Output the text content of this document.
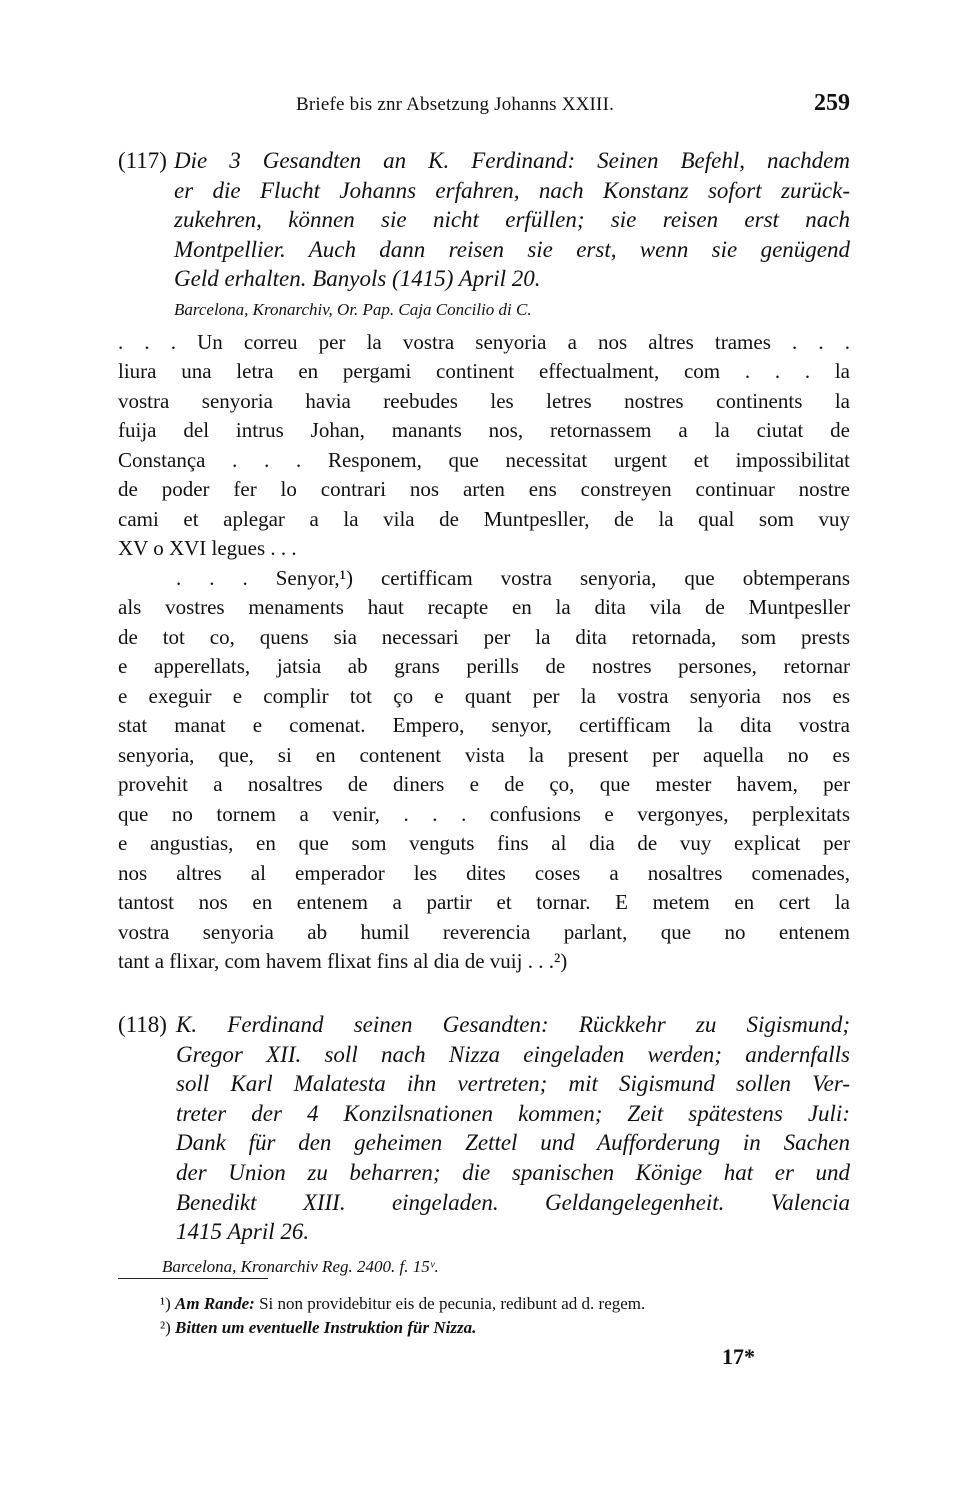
Briefe bis znr Absetzung Johanns XXIII.	259
(117) Die 3 Gesandten an K. Ferdinand: Seinen Befehl, nachdem
er die Flucht Johanns erfahren, nach Konstanz sofort zurück-
zukehren, können sie nicht erfüllen; sie reisen erst nach
Montpellier. Auch dann reisen sie erst, wenn sie genügend
Geld erhalten. Banyols (1415) April 20.
Barcelona, Kronarchiv, Or. Pap. Caja Concilio di C.
. . . Un correu per la vostra senyoria a nos altres trames . . .
liura una letra en pergami continent effectualment, com . . . la
vostra senyoria havia reebudes les letres nostres continents la
fuija del intrus Johan, manants nos, retornassem a la ciutat de
Constança . . . Responem, que necessitat urgent et impossibilitat
de poder fer lo contrari nos arten ens constreyen continuar nostre
cami et aplegar a la vila de Muntpesller, de la qual som vuy
XV o XVI legues . . .
. . . Senyor,¹) certifficam vostra senyoria, que obtemperans
als vostres menaments haut recapte en la dita vila de Muntpesller
de tot co, quens sia necessari per la dita retornada, som prests
e apperellats, jatsia ab grans perills de nostres persones, retornar
e exeguir e complir tot ço e quant per la vostra senyoria nos es
stat manat e comenat. Empero, senyor, certifficam la dita vostra
senyoria, que, si en contenent vista la present per aquella no es
provehit a nosaltres de diners e de ço, que mester havem, per
que no tornem a venir, . . . confusions e vergonyes, perplexitats
e angustias, en que som venguts fins al dia de vuy explicat per
nos altres al emperador les dites coses a nosaltres comenades,
tantost nos en entenem a partir et tornar. E metem en cert la
vostra senyoria ab humil reverencia parlant, que no entenem
tant a flixar, com havem flixat fins al dia de vuij . . .²)
(118) K. Ferdinand seinen Gesandten: Rückkehr zu Sigismund;
Gregor XII. soll nach Nizza eingeladen werden; andernfalls
soll Karl Malatesta ihn vertreten; mit Sigismund sollen Ver-
treter der 4 Konzilsnationen kommen; Zeit spätestens Juli:
Dank für den geheimen Zettel und Aufforderung in Sachen
der Union zu beharren; die spanischen Könige hat er und
Benedikt XIII. eingeladen. Geldangelegenheit. Valencia
1415 April 26.
Barcelona, Kronarchiv Reg. 2400. f. 15ᵛ.
¹) Am Rande: Si non providebitur eis de pecunia, redibunt ad d. regem.
²) Bitten um eventuelle Instruktion für Nizza.
17*
